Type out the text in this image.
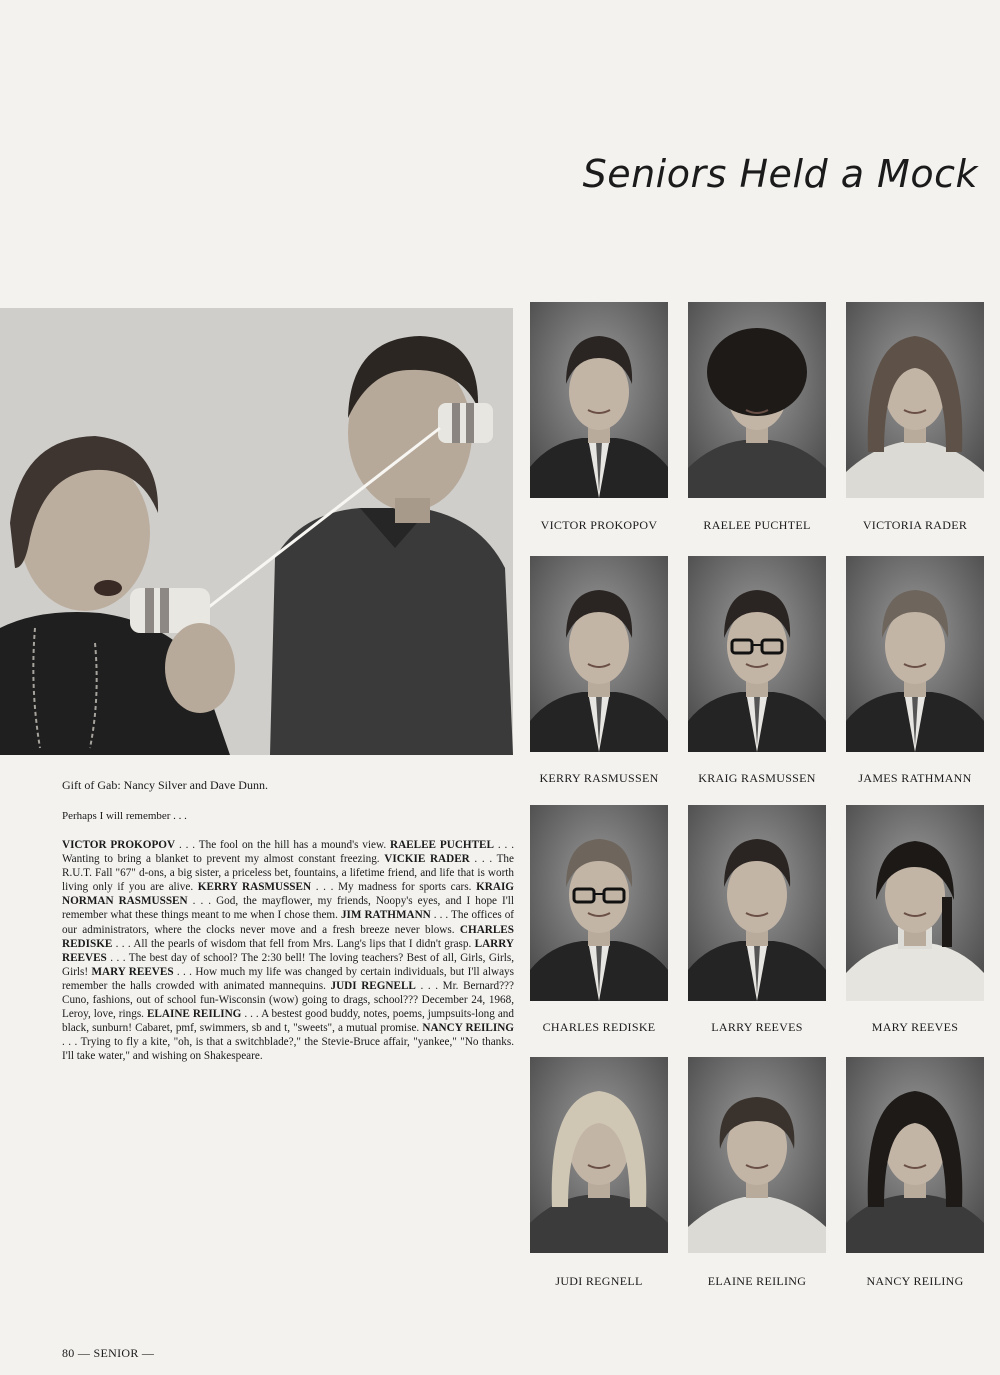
Seniors Held a Mock
Gift of Gab: Nancy Silver and Dave Dunn.
Perhaps I will remember . . .
VICTOR PROKOPOV . . . The fool on the hill has a mound's view. RAELEE PUCHTEL . . . Wanting to bring a blanket to prevent my almost constant freezing. VICKIE RADER . . . The R.U.T. Fall "67" d-ons, a big sister, a priceless bet, fountains, a lifetime friend, and life that is worth living only if you are alive. KERRY RASMUSSEN . . . My madness for sports cars. KRAIG NORMAN RASMUSSEN . . . God, the mayflower, my friends, Noopy's eyes, and I hope I'll remember what these things meant to me when I chose them. JIM RATHMANN . . . The offices of our administrators, where the clocks never move and a fresh breeze never blows. CHARLES REDISKE . . . All the pearls of wisdom that fell from Mrs. Lang's lips that I didn't grasp. LARRY REEVES . . . The best day of school? The 2:30 bell! The loving teachers? Best of all, Girls, Girls, Girls! MARY REEVES . . . How much my life was changed by certain individuals, but I'll always remember the halls crowded with animated mannequins. JUDI REGNELL . . . Mr. Bernard??? Cuno, fashions, out of school fun-Wisconsin (wow) going to drags, school??? December 24, 1968, Leroy, love, rings. ELAINE REILING . . . A bestest good buddy, notes, poems, jumpsuits-long and black, sunburn! Cabaret, pmf, swimmers, sb and t, "sweets", a mutual promise. NANCY REILING . . . Trying to fly a kite, "oh, is that a switchblade?," the Stevie-Bruce affair, "yankee," "No thanks. I'll take water," and wishing on Shakespeare.
VICTOR PROKOPOV	RAELEE PUCHTEL	VICTORIA RADER
KERRY RASMUSSEN	KRAIG RASMUSSEN	JAMES RATHMANN
CHARLES REDISKE	LARRY REEVES	MARY REEVES
JUDI REGNELL	ELAINE REILING	NANCY REILING
80 — SENIOR —
